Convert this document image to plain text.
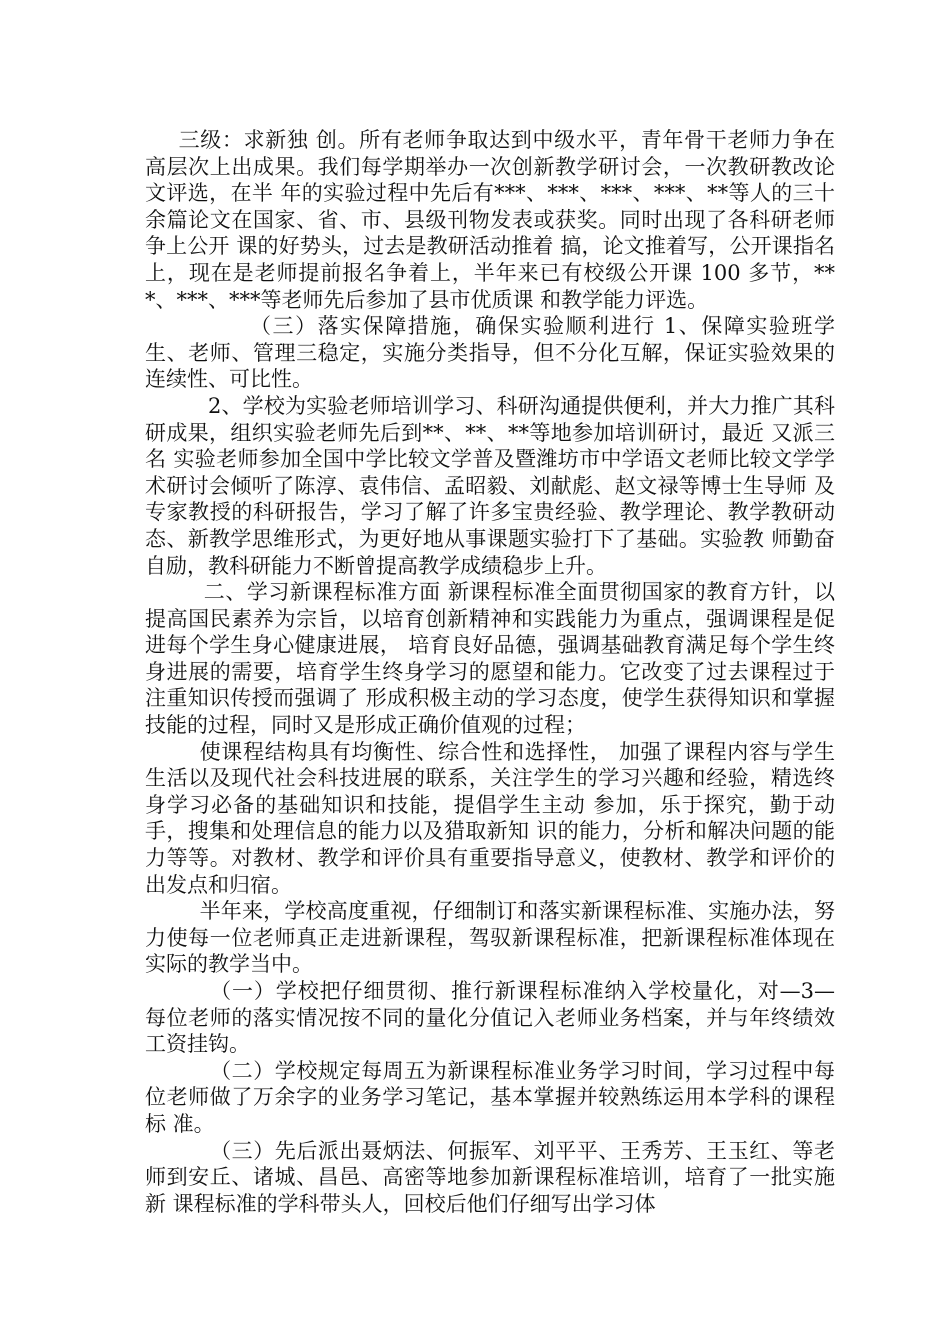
三级：求新独 创。所有老师争取达到中级水平，青年骨干老师力争在高层次上出成果。我们每学期举办一次创新教学研讨会，一次教研教改论文评选，在半 年的实验过程中先后有***、***、***、***、**等人的三十余篇论文在国家、省、市、县级刊物发表或获奖。同时出现了各科研老师争上公开 课的好势头，过去是教研活动推着 搞，论文推着写，公开课指名上，现在是老师提前报名争着上，半年来已有校级公开课 100 多节，***、***、***等老师先后参加了县市优质课 和教学能力评选。

（三）落实保障措施，确保实验顺利进行 1、保障实验班学生、老师、管理三稳定，实施分类指导，但不分化互解，保证实验效果的连续性、可比性。

2、学校为实验老师培训学习、科研沟通提供便利，并大力推广其科研成果，组织实验老师先后到**、**、**等地参加培训研讨，最近 又派三名 实验老师参加全国中学比较文学普及暨潍坊市中学语文老师比较文学学术研讨会倾听了陈淳、袁伟信、孟昭毅、刘献彪、赵文禄等博士生导师 及专家教授的科研报告，学习了解了许多宝贵经验、教学理论、教学教研动态、新教学思维形式，为更好地从事课题实验打下了基础。实验教 师勤奋自励，教科研能力不断曾提高教学成绩稳步上升。

二、学习新课程标准方面 新课程标准全面贯彻国家的教育方针，以提高国民素养为宗旨，以培育创新精神和实践能力为重点，强调课程是促进每个学生身心健康进展， 培育良好品德，强调基础教育满足每个学生终身进展的需要，培育学生终身学习的愿望和能力。它改变了过去课程过于注重知识传授而强调了 形成积极主动的学习态度，使学生获得知识和掌握技能的过程，同时又是形成正确价值观的过程；

使课程结构具有均衡性、综合性和选择性， 加强了课程内容与学生生活以及现代社会科技进展的联系，关注学生的学习兴趣和经验，精选终身学习必备的基础知识和技能，提倡学生主动 参加，乐于探究，勤于动手，搜集和处理信息的能力以及猎取新知 识的能力，分析和解决问题的能力等等。对教材、教学和评价具有重要指导意义，使教材、教学和评价的出发点和归宿。

半年来，学校高度重视，仔细制订和落实新课程标准、实施办法，努力使每一位老师真正走进新课程，驾驭新课程标准，把新课程标准体现在 实际的教学当中。

（一）学校把仔细贯彻、推行新课程标准纳入学校量化，对—3— 每位老师的落实情况按不同的量化分值记入老师业务档案，并与年终绩效工资挂钩。

（二）学校规定每周五为新课程标准业务学习时间，学习过程中每位老师做了万余字的业务学习笔记，基本掌握并较熟练运用本学科的课程标 准。

（三）先后派出聂炳法、何振军、刘平平、王秀芳、王玉红、等老师到安丘、诸城、昌邑、高密等地参加新课程标准培训，培育了一批实施新 课程标准的学科带头人，回校后他们仔细写出学习体
